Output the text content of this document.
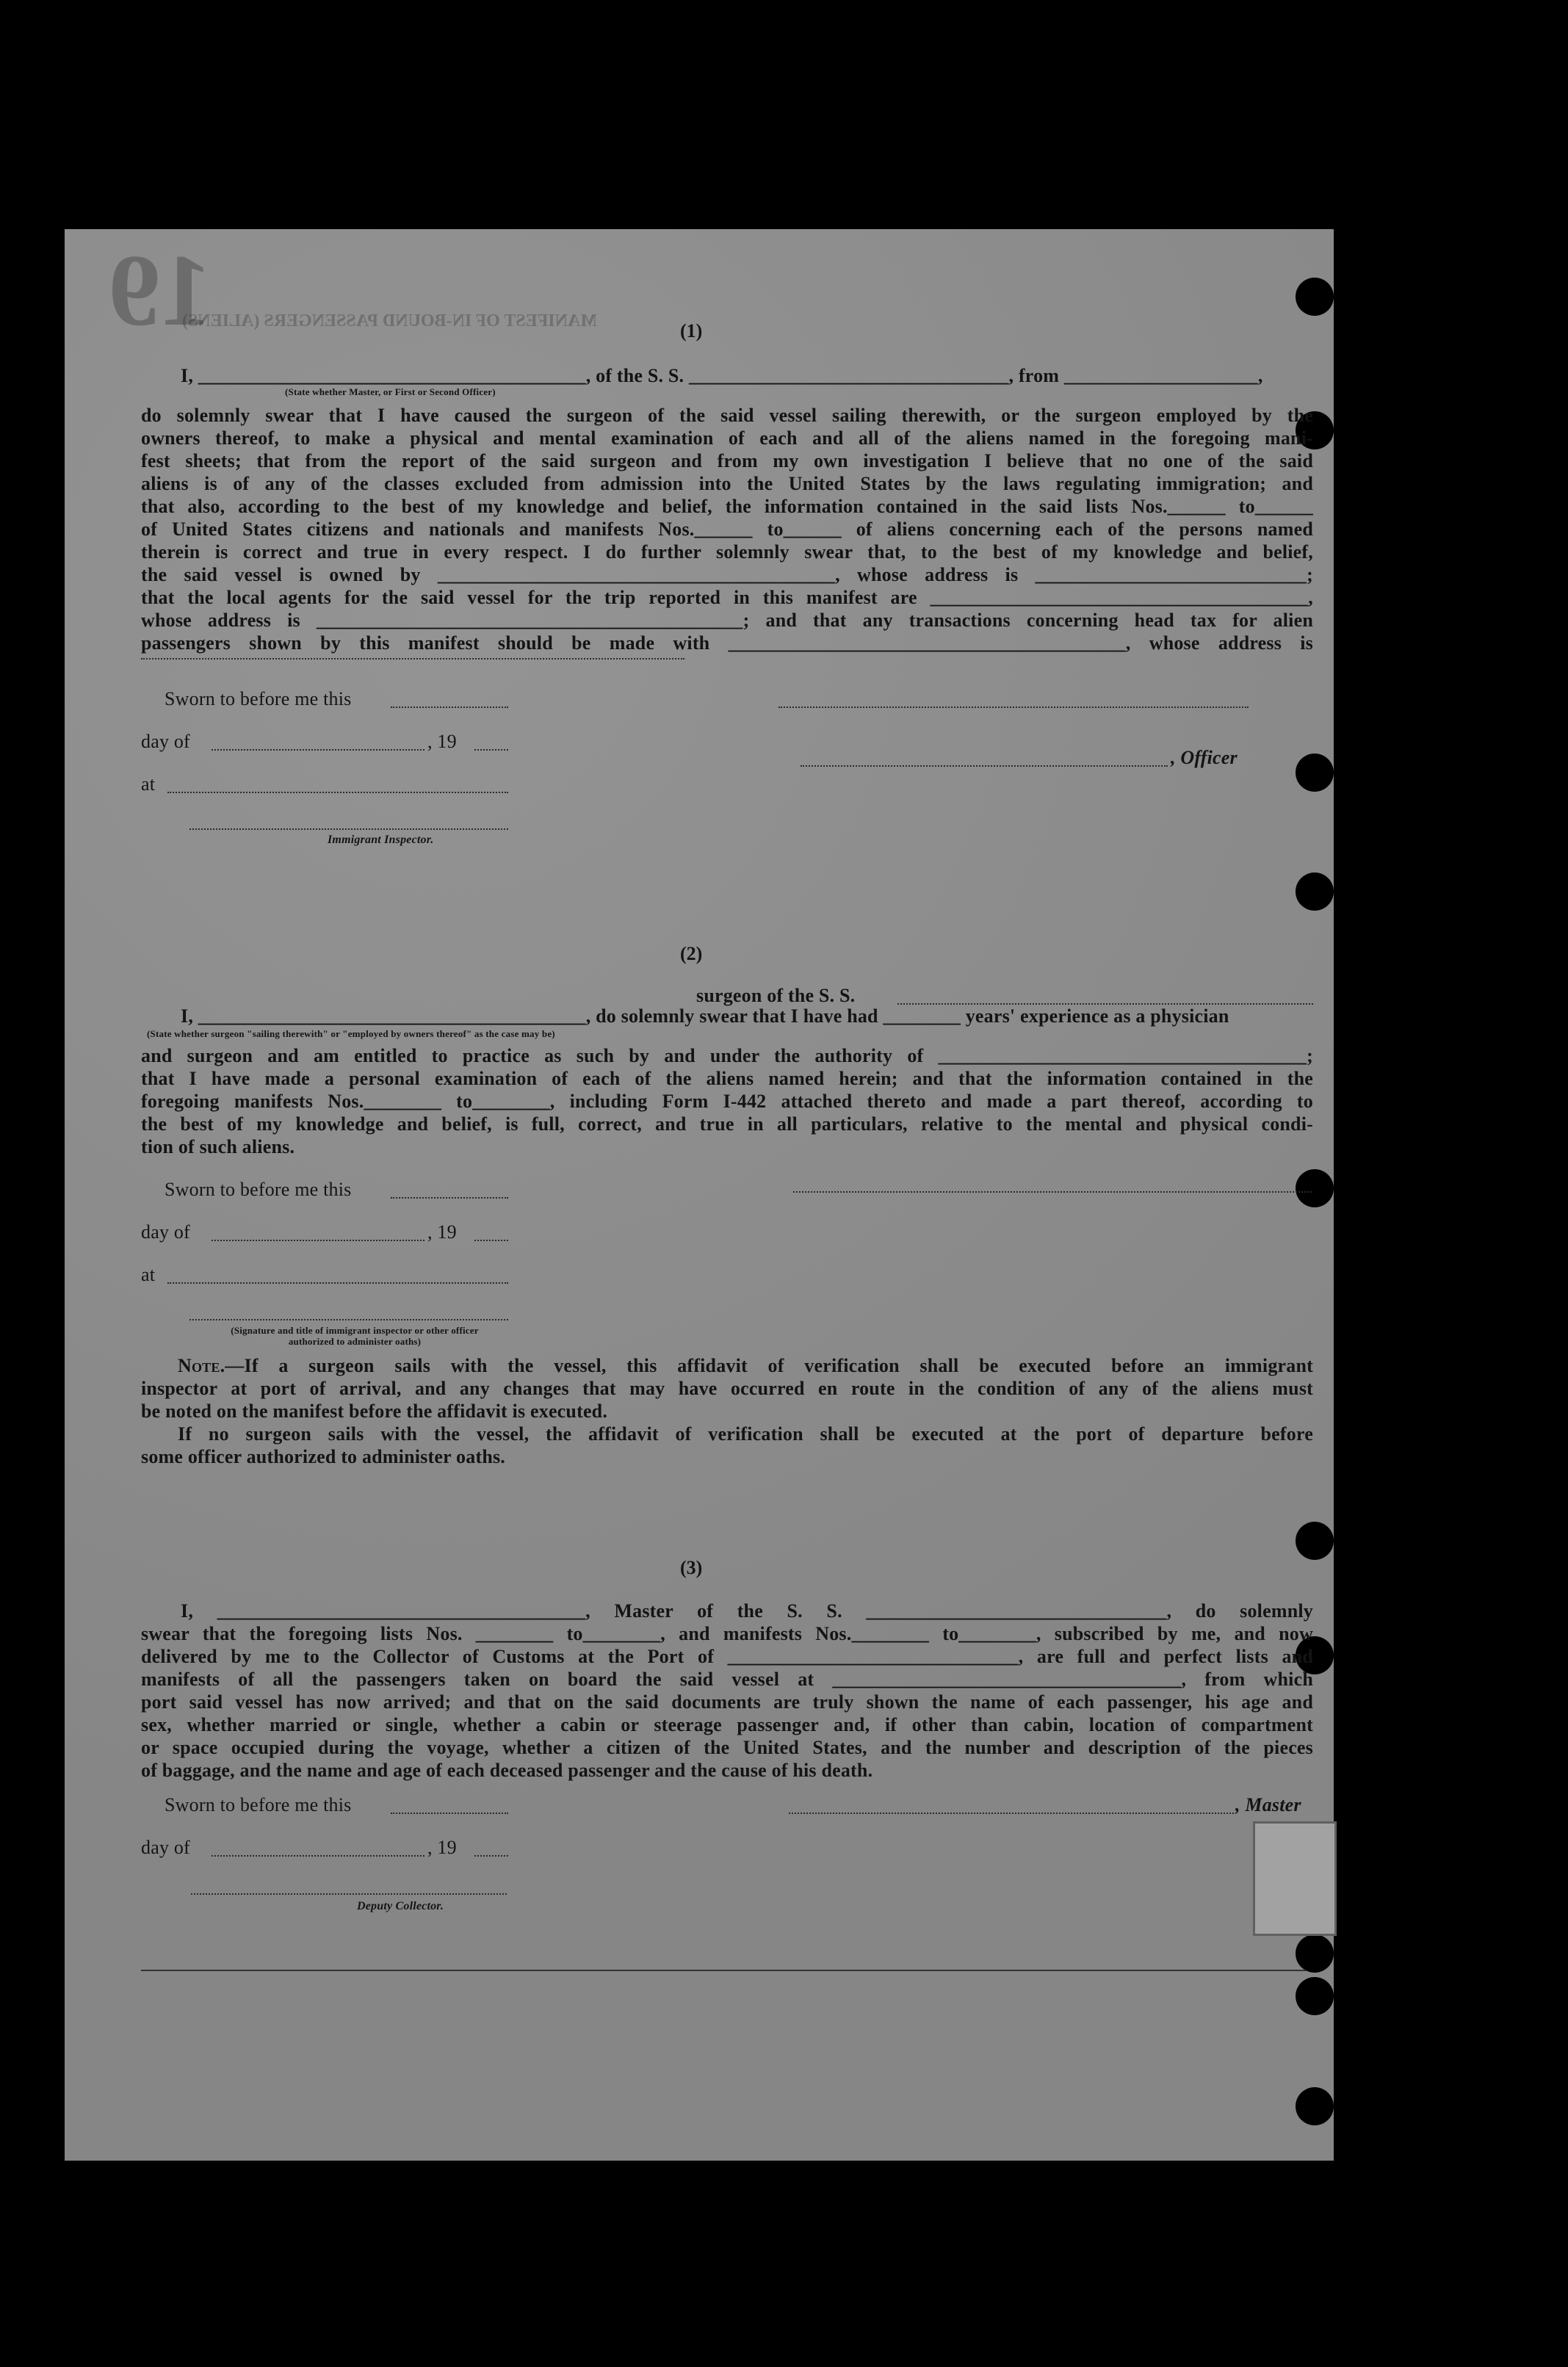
19
MANIFEST OF IN-BOUND PASSENGERS (ALIENS)	(1)
I, ________________________________________, of the S. S. _________________________________, from ____________________,
(State whether Master, or First or Second Officer)
do solemnly swear that I have caused the surgeon of the said vessel sailing therewith, or the surgeon employed by the
owners thereof, to make a physical and mental examination of each and all of the aliens named in the foregoing mani-
fest sheets; that from the report of the said surgeon and from my own investigation I believe that no one of the said
aliens is of any of the classes excluded from admission into the United States by the laws regulating immigration; and
that also, according to the best of my knowledge and belief, the information contained in the said lists Nos.______ to______
of United States citizens and nationals and manifests Nos.______ to______ of aliens concerning each of the persons named
therein is correct and true in every respect. I do further solemnly swear that, to the best of my knowledge and belief,
the said vessel is owned by _________________________________________, whose address is ____________________________;
that the local agents for the said vessel for the trip reported in this manifest are _______________________________________,
whose address is ____________________________________________; and that any transactions concerning head tax for alien
passengers shown by this manifest should be made with _________________________________________, whose address is
Sworn to before me this
day of	, 19
, Officer
at
Immigrant Inspector.
(2)
surgeon of the S. S.
I, ________________________________________, do solemnly swear that I have had ________ years' experience as a physician
(State whether surgeon "sailing therewith" or "employed by owners thereof" as the case may be)
and surgeon and am entitled to practice as such by and under the authority of ______________________________________;
that I have made a personal examination of each of the aliens named herein; and that the information contained in the
foregoing manifests Nos.________ to________, including Form I-442 attached thereto and made a part thereof, according to
the best of my knowledge and belief, is full, correct, and true in all particulars, relative to the mental and physical condi-
tion of such aliens.
Sworn to before me this
day of	, 19
at
(Signature and title of immigrant inspector or other officer authorized to administer oaths)
Note.—If a surgeon sails with the vessel, this affidavit of verification shall be executed before an immigrant
inspector at port of arrival, and any changes that may have occurred en route in the condition of any of the aliens must
be noted on the manifest before the affidavit is executed.
If no surgeon sails with the vessel, the affidavit of verification shall be executed at the port of departure before
some officer authorized to administer oaths.
(3)
I, ______________________________________, Master of the S. S. _______________________________, do solemnly
swear that the foregoing lists Nos. ________ to________, and manifests Nos.________ to________, subscribed by me, and now
delivered by me to the Collector of Customs at the Port of ______________________________, are full and perfect lists and
manifests of all the passengers taken on board the said vessel at ____________________________________, from which
port said vessel has now arrived; and that on the said documents are truly shown the name of each passenger, his age and
sex, whether married or single, whether a cabin or steerage passenger and, if other than cabin, location of compartment
or space occupied during the voyage, whether a citizen of the United States, and the number and description of the pieces
of baggage, and the name and age of each deceased passenger and the cause of his death.
Sworn to before me this	, Master
day of	, 19
Deputy Collector.
